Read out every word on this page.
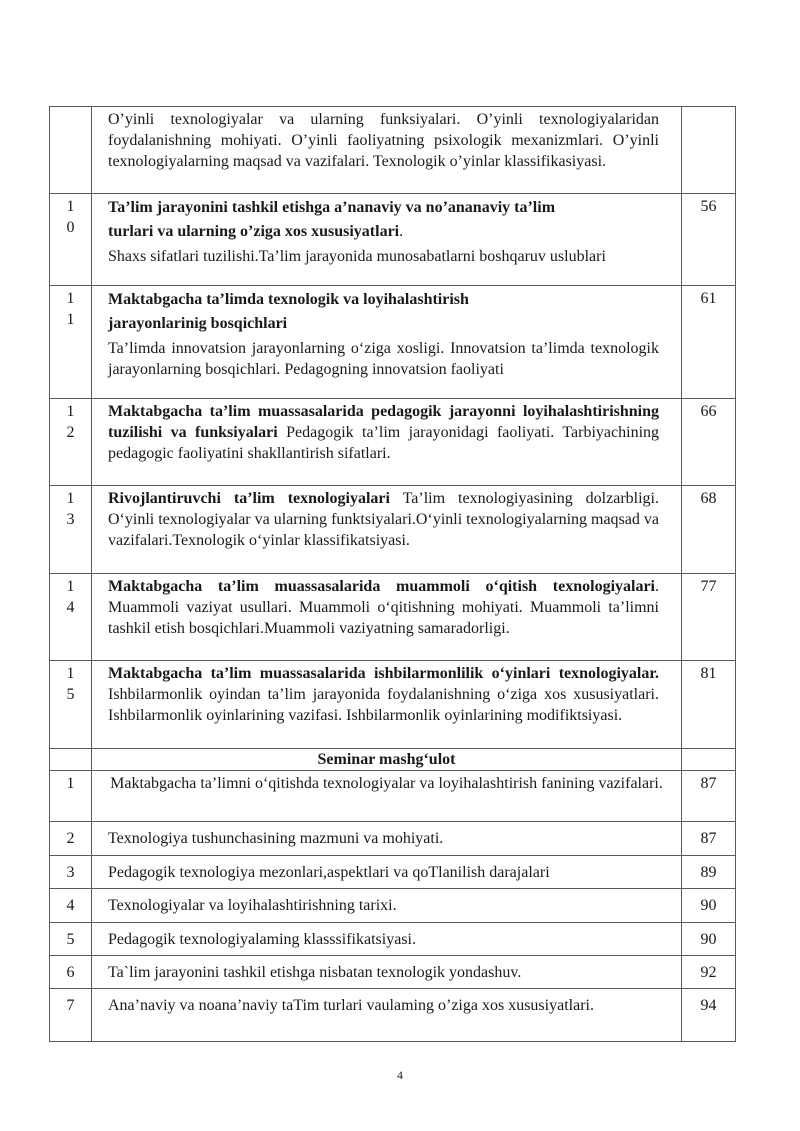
	O’yinli texnologiyalar va ularning funksiyalari. O’yinli texnologiyalaridan foydalanishning mohiyati. O’yinli faoliyatning psixologik mexanizmlari. O’yinli texnologiyalarning maqsad va vazifalari. Texnologik o’yinlar klassifikasiyasi.	

1
0	Ta’lim jarayonini tashkil etishga a’nanaviy va no’ananaviy ta’lim
turlari va ularning o’ziga xos xususiyatlari.
Shaxs sifatlari tuzilishi.Ta’lim jarayonida munosabatlarni boshqaruv uslublari	56

1
1	Maktabgacha ta’limda texnologik va loyihalashtirish
jarayonlarinig bosqichlari
Ta’limda innovatsion jarayonlarning o‘ziga xosligi. Innovatsion ta’limda texnologik jarayonlarning bosqichlari. Pedagogning innovatsion faoliyati	61

1
2	Maktabgacha ta’lim muassasalarida pedagogik jarayonni loyihalashtirishning tuzilishi va funksiyalari Pedagogik ta’lim jarayonidagi faoliyati. Tarbiyachining pedagogic faoliyatini shakllantirish sifatlari.	66

1
3	Rivojlantiruvchi ta’lim texnologiyalari Ta’lim texnologiyasining dolzarbligi. O‘yinli texnologiyalar va ularning funktsiyalari.O‘yinli texnologiyalarning maqsad va vazifalari.Texnologik o‘yinlar klassifikatsiyasi.	68

1
4	Maktabgacha ta’lim muassasalarida muammoli o‘qitish texnologiyalari. Muammoli vaziyat usullari. Muammoli o‘qitishning mohiyati. Muammoli ta’limni tashkil etish bosqichlari.Muammoli vaziyatning samaradorligi.	77

1
5	Maktabgacha ta’lim muassasalarida ishbilarmonlilik o‘yinlari texnologiyalar. Ishbilarmonlik oyindan ta’lim jarayonida foydalanishning o‘ziga xos xususiyatlari. Ishbilarmonlik oyinlarining vazifasi. Ishbilarmonlik oyinlarining modifiktsiyasi.	81
	Seminar mashg‘ulot	
1	Maktabgacha ta’limni o‘qitishda texnologiyalar va loyihalashtirish fanining vazifalari.	87
2	Texnologiya tushunchasining mazmuni va mohiyati.	87
3	Pedagogik texnologiya mezonlari,aspektlari va qoTlanilish darajalari	89
4	Texnologiyalar va loyihalashtirishning tarixi.	90
5	Pedagogik texnologiyalaming klasssifikatsiyasi.	90
6	Ta`lim jarayonini tashkil etishga nisbatan texnologik yondashuv.	92
7	Ana’naviy va noana’naviy taTim turlari vaulaming o’ziga xos xususiyatlari.	94
4
